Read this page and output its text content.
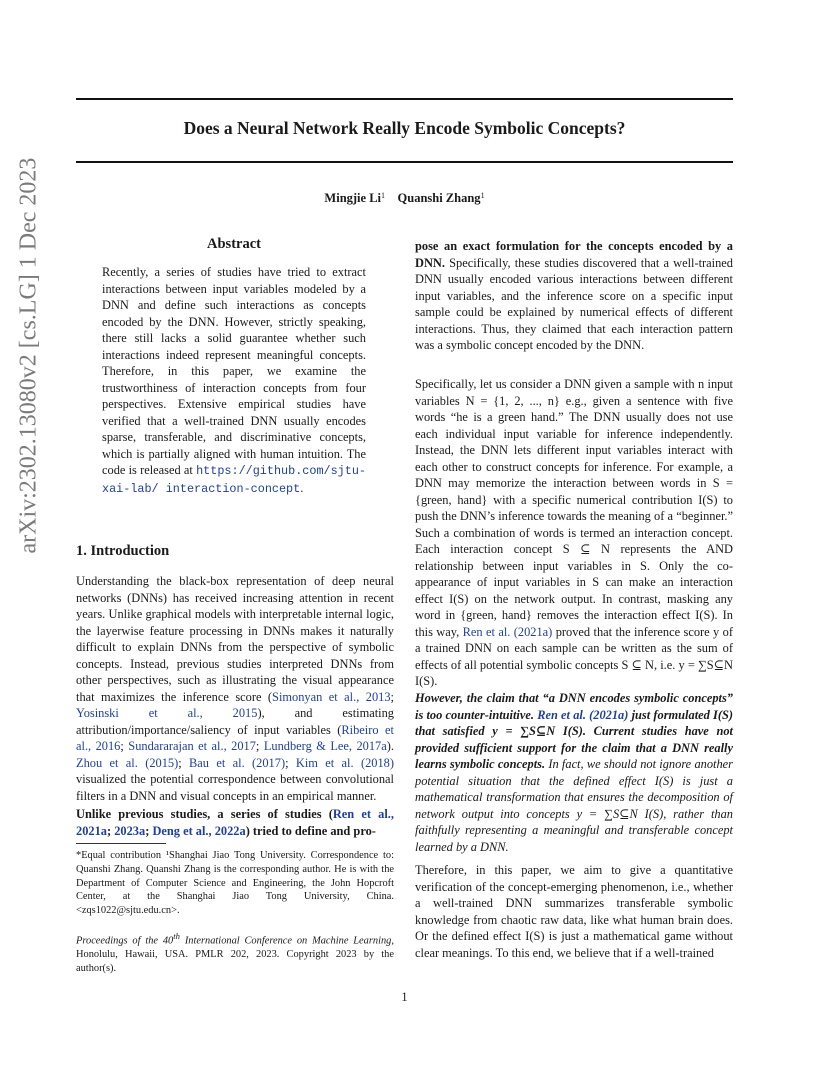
Does a Neural Network Really Encode Symbolic Concepts?
Mingjie Li$^1$ Quanshi Zhang$^1$
arXiv:2302.13080v2 [cs.LG] 1 Dec 2023	Abstract
Recently, a series of studies have tried to extract interactions between input variables modeled by a DNN and define such interactions as concepts encoded by the DNN. However, strictly speaking, there still lacks a solid guarantee whether such interactions indeed represent meaningful concepts. Therefore, in this paper, we examine the trustworthiness of interaction concepts from four perspectives. Extensive empirical studies have verified that a well-trained DNN usually encodes sparse, transferable, and discriminative concepts, which is partially aligned with human intuition. The code is released at https://github.com/sjtu-xai-lab/ interaction-concept.
1. Introduction
Understanding the black-box representation of deep neural networks (DNNs) has received increasing attention in recent years. Unlike graphical models with interpretable internal logic, the layerwise feature processing in DNNs makes it naturally difficult to explain DNNs from the perspective of symbolic concepts. Instead, previous studies interpreted DNNs from other perspectives, such as illustrating the visual appearance that maximizes the inference score (Simonyan et al., 2013; Yosinski et al., 2015), and estimating attribution/importance/saliency of input variables (Ribeiro et al., 2016; Sundararajan et al., 2017; Lundberg & Lee, 2017a). Zhou et al. (2015); Bau et al. (2017); Kim et al. (2018) visualized the potential correspondence between convolutional filters in a DNN and visual concepts in an empirical manner.
Unlike previous studies, a series of studies (Ren et al., 2021a; 2023a; Deng et al., 2022a) tried to define and pro-
*Equal contribution ¹Shanghai Jiao Tong University. Correspondence to: Quanshi Zhang. Quanshi Zhang is the corresponding author. He is with the Department of Computer Science and Engineering, the John Hopcroft Center, at the Shanghai Jiao Tong University, China. <zqs1022@sjtu.edu.cn>.
Proceedings of the 40th International Conference on Machine Learning, Honolulu, Hawaii, USA. PMLR 202, 2023. Copyright 2023 by the author(s).
pose an exact formulation for the concepts encoded by a DNN. Specifically, these studies discovered that a well-trained DNN usually encoded various interactions between different input variables, and the inference score on a specific input sample could be explained by numerical effects of different interactions. Thus, they claimed that each interaction pattern was a symbolic concept encoded by the DNN.
Specifically, let us consider a DNN given a sample with n input variables N = {1, 2, ..., n} e.g., given a sentence with five words “he is a green hand.” The DNN usually does not use each individual input variable for inference independently. Instead, the DNN lets different input variables interact with each other to construct concepts for inference. For example, a DNN may memorize the interaction between words in S = {green, hand} with a specific numerical contribution I(S) to push the DNN’s inference towards the meaning of a “beginner.” Such a combination of words is termed an interaction concept. Each interaction concept S ⊆ N represents the AND relationship between input variables in S. Only the co-appearance of input variables in S can make an interaction effect I(S) on the network output. In contrast, masking any word in {green, hand} removes the interaction effect I(S). In this way, Ren et al. (2021a) proved that the inference score y of a trained DNN on each sample can be written as the sum of effects of all potential symbolic concepts S ⊆ N, i.e. y = ∑S⊆N I(S).
However, the claim that “a DNN encodes symbolic concepts” is too counter-intuitive. Ren et al. (2021a) just formulated I(S) that satisfied y = ∑S⊆N I(S). Current studies have not provided sufficient support for the claim that a DNN really learns symbolic concepts. In fact, we should not ignore another potential situation that the defined effect I(S) is just a mathematical transformation that ensures the decomposition of network output into concepts y = ∑S⊆N I(S), rather than faithfully representing a meaningful and transferable concept learned by a DNN.
Therefore, in this paper, we aim to give a quantitative verification of the concept-emerging phenomenon, i.e., whether a well-trained DNN summarizes transferable symbolic knowledge from chaotic raw data, like what human brain does. Or the defined effect I(S) is just a mathematical game without clear meanings. To this end, we believe that if a well-trained
1
